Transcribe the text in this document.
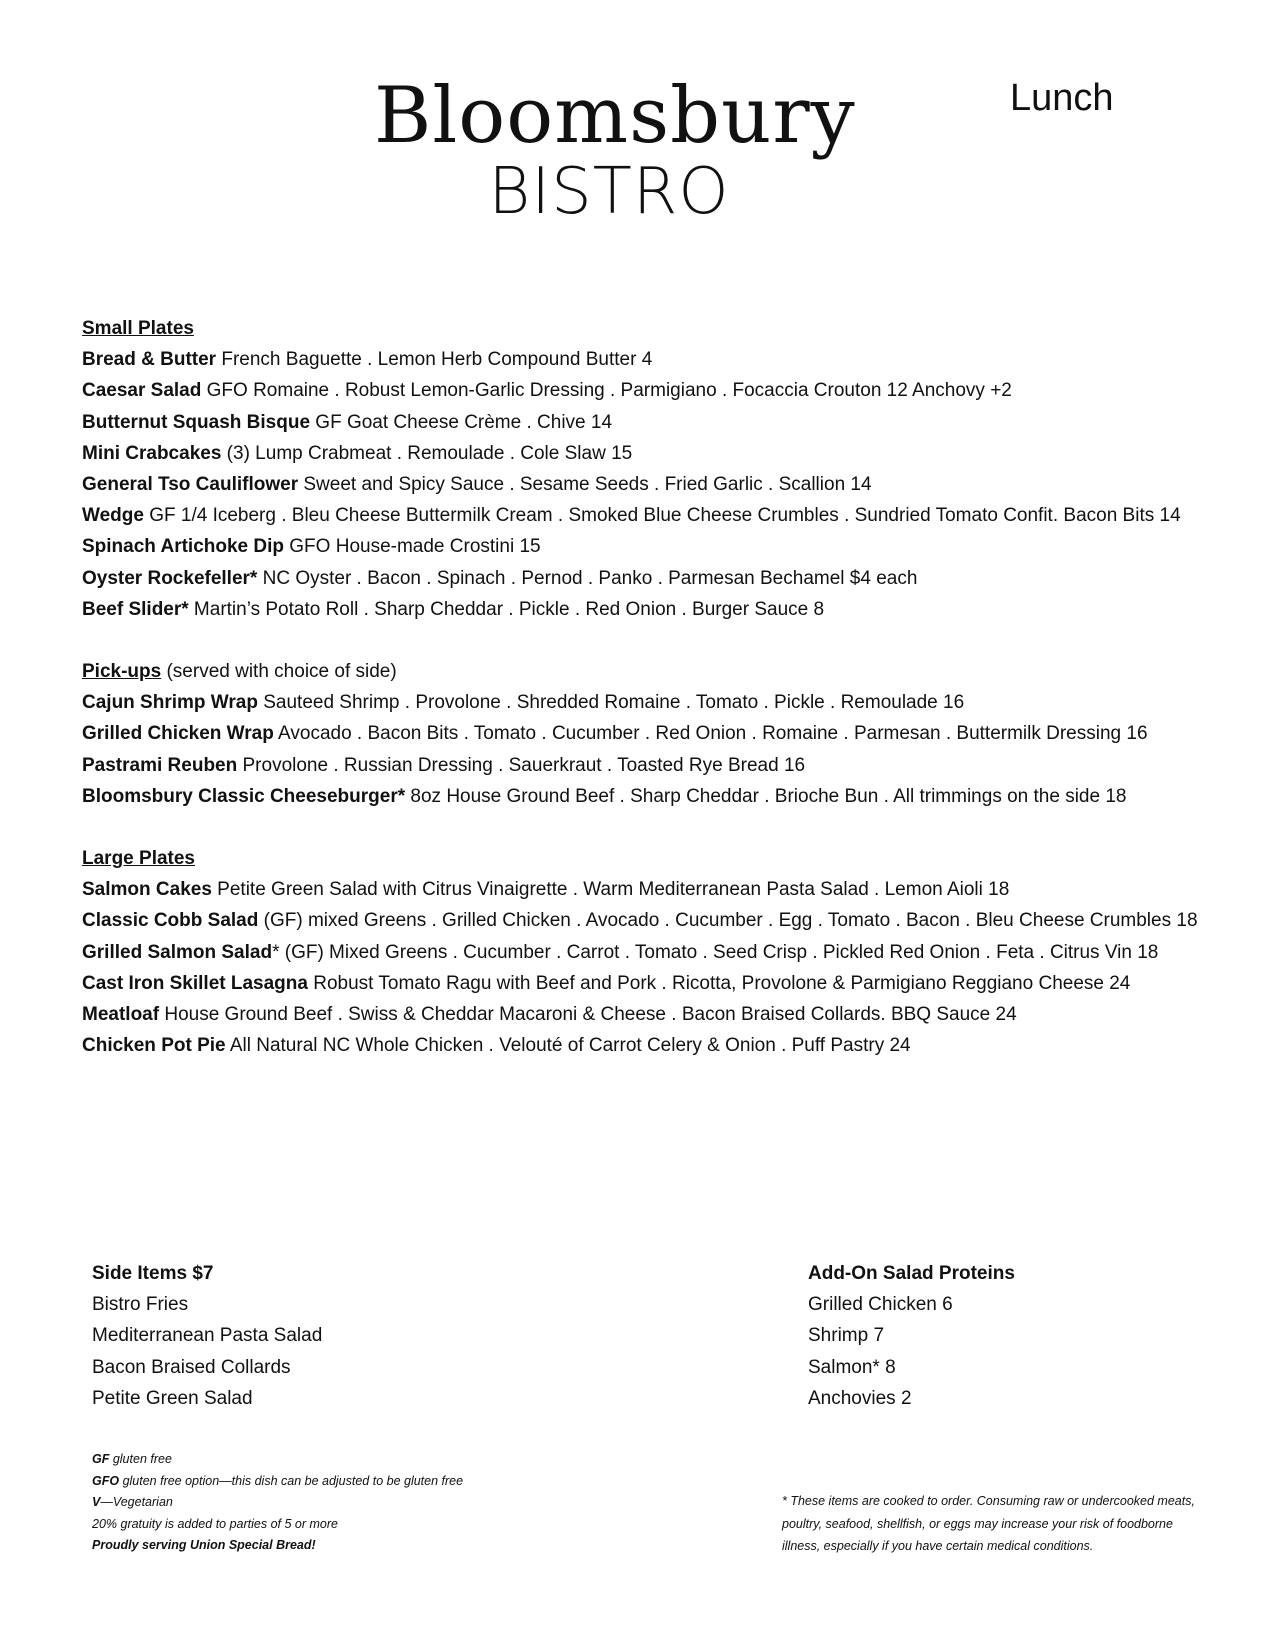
Bloomsbury
BISTRO
Lunch
Small Plates
Bread & Butter French Baguette . Lemon Herb Compound Butter 4
Caesar Salad GFO Romaine . Robust Lemon-Garlic Dressing . Parmigiano . Focaccia Crouton 12 Anchovy +2
Butternut Squash Bisque GF Goat Cheese Crème . Chive 14
Mini Crabcakes (3) Lump Crabmeat . Remoulade . Cole Slaw 15
General Tso Cauliflower Sweet and Spicy Sauce . Sesame Seeds . Fried Garlic . Scallion 14
Wedge GF 1/4 Iceberg . Bleu Cheese Buttermilk Cream . Smoked Blue Cheese Crumbles . Sundried Tomato Confit. Bacon Bits 14
Spinach Artichoke Dip GFO House-made Crostini 15
Oyster Rockefeller* NC Oyster . Bacon . Spinach . Pernod . Panko . Parmesan Bechamel $4 each
Beef Slider* Martin’s Potato Roll . Sharp Cheddar . Pickle . Red Onion . Burger Sauce 8
Pick-ups (served with choice of side)
Cajun Shrimp Wrap Sauteed Shrimp . Provolone . Shredded Romaine . Tomato . Pickle . Remoulade 16
Grilled Chicken Wrap Avocado . Bacon Bits . Tomato . Cucumber . Red Onion . Romaine . Parmesan . Buttermilk Dressing 16
Pastrami Reuben Provolone . Russian Dressing . Sauerkraut . Toasted Rye Bread 16
Bloomsbury Classic Cheeseburger* 8oz House Ground Beef . Sharp Cheddar . Brioche Bun . All trimmings on the side 18
Large Plates
Salmon Cakes Petite Green Salad with Citrus Vinaigrette . Warm Mediterranean Pasta Salad . Lemon Aioli 18
Classic Cobb Salad (GF) mixed Greens . Grilled Chicken . Avocado . Cucumber . Egg . Tomato . Bacon . Bleu Cheese Crumbles 18
Grilled Salmon Salad* (GF) Mixed Greens . Cucumber . Carrot . Tomato . Seed Crisp . Pickled Red Onion . Feta . Citrus Vin 18
Cast Iron Skillet Lasagna Robust Tomato Ragu with Beef and Pork . Ricotta, Provolone & Parmigiano Reggiano Cheese 24
Meatloaf House Ground Beef . Swiss & Cheddar Macaroni & Cheese . Bacon Braised Collards. BBQ Sauce 24
Chicken Pot Pie All Natural NC Whole Chicken . Velouté of Carrot Celery & Onion . Puff Pastry 24
Side Items $7
Bistro Fries
Mediterranean Pasta Salad
Bacon Braised Collards
Petite Green Salad
Add-On Salad Proteins
Grilled Chicken 6
Shrimp 7
Salmon* 8
Anchovies 2
GF gluten free
GFO gluten free option—this dish can be adjusted to be gluten free
V—Vegetarian
20% gratuity is added to parties of 5 or more
Proudly serving Union Special Bread!
* These items are cooked to order. Consuming raw or undercooked meats, poultry, seafood, shellfish, or eggs may increase your risk of foodborne illness, especially if you have certain medical conditions.
